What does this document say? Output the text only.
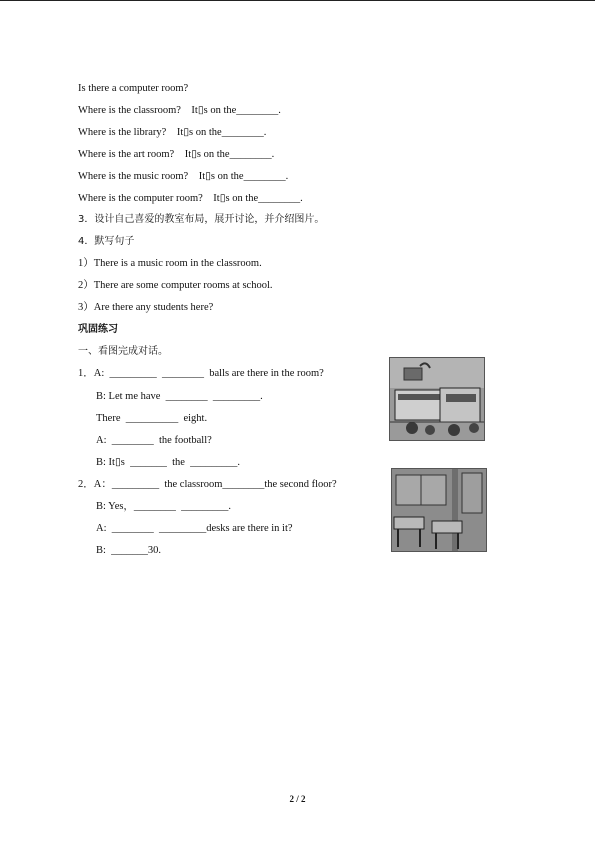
Is there a computer room?
Where is the classroom?    It▯s on the________.
Where is the library?    It▯s on the________.
Where is the art room?    It▯s on the________.
Where is the music room?    It▯s on the________.
Where is the computer room?    It▯s on the________.
3．设计自己喜爱的教室布局，展开讨论，并介绍图片。
4．默写句子
1）There is a music room in the classroom.
2）There are some computer rooms at school.
3）Are there any students here?
巩固练习
一、看图完成对话。
1．A:  _________  ________  balls are there in the room?
B: Let me have  ________  _________.
There  __________  eight.
A:  ________  the football?
B: It▯s  _______  the  _________.
2．A：_________  the classroom________the second floor?
B: Yes，________  _________.
A:  ________  _________desks are there in it?
B:  _______30.
2 / 2
